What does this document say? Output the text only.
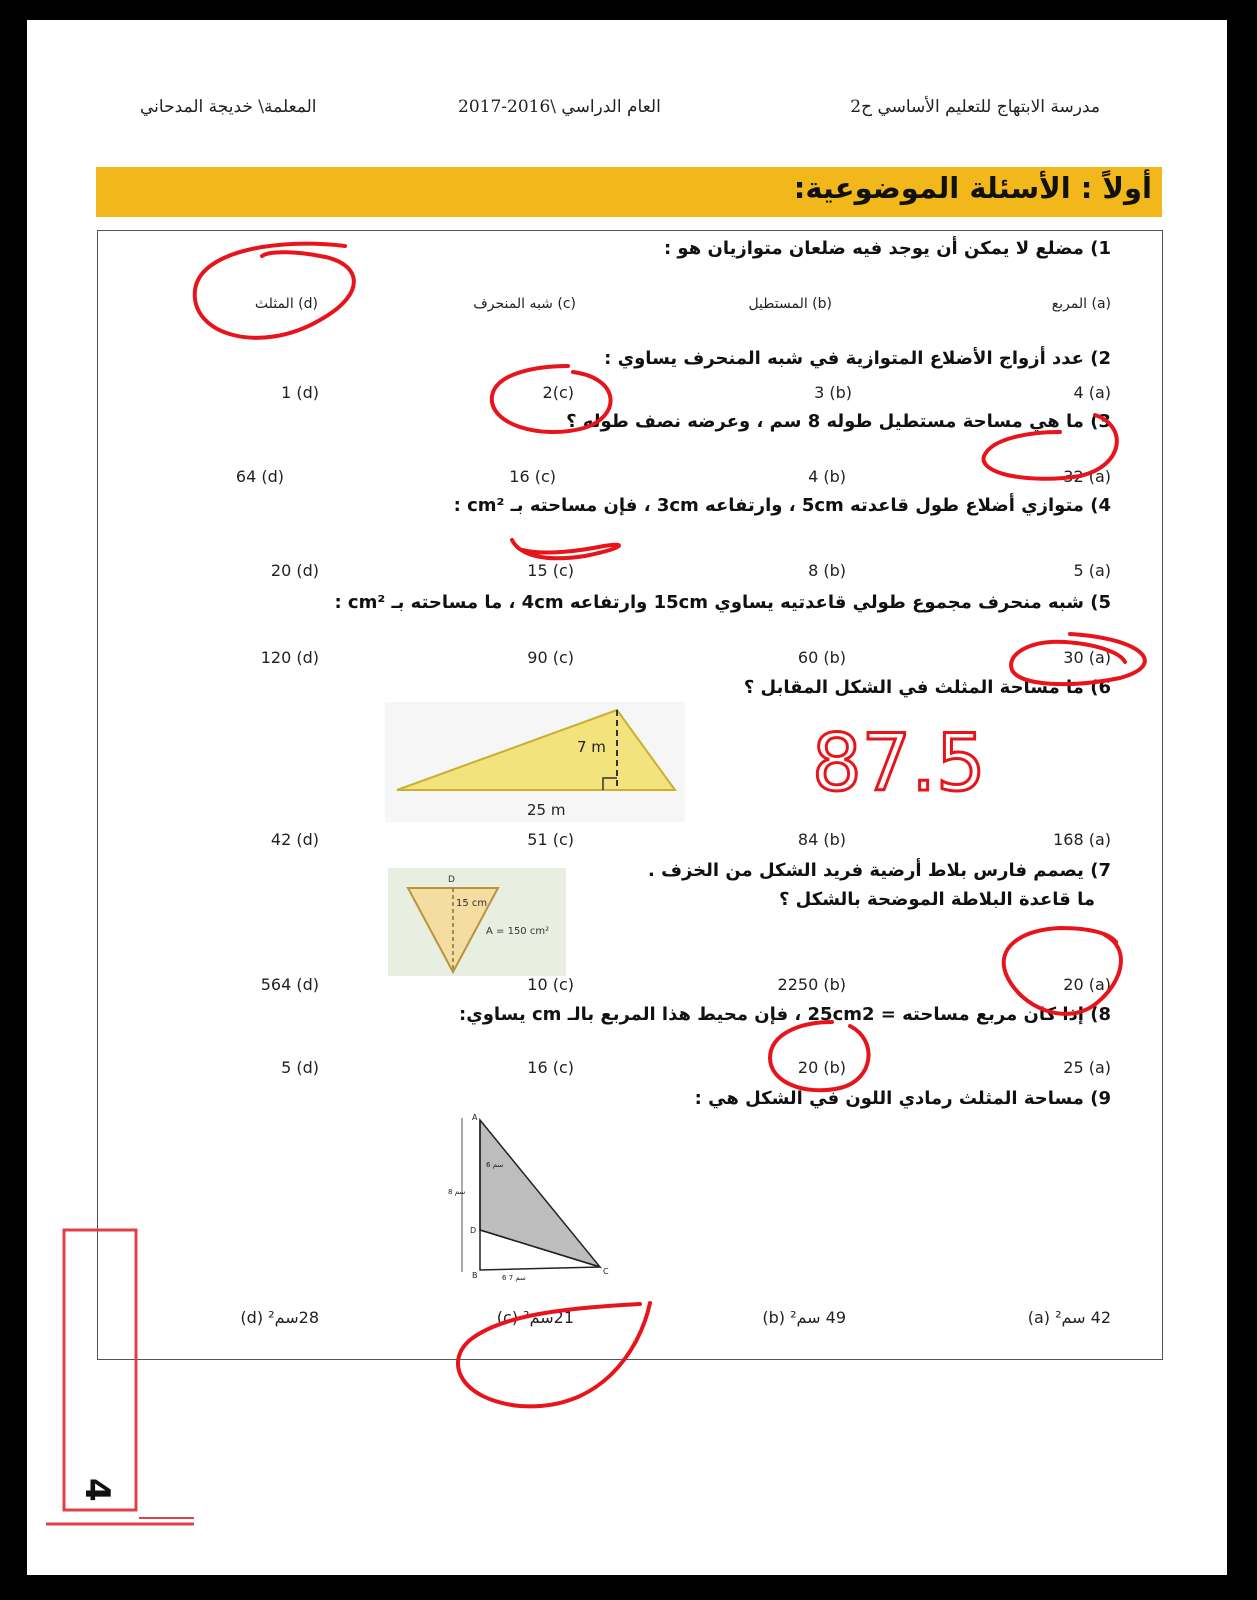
مدرسة الابتهاج للتعليم الأساسي ح2
العام الدراسي \2016-2017
المعلمة\ خديجة المدحاني
أولاً : الأسئلة الموضوعية:
1) مضلع لا يمكن أن يوجد فيه ضلعان متوازيان هو :
(a) المربع
(b) المستطيل
(c) شبه المنحرف
(d) المثلث
2) عدد أزواج الأضلاع المتوازية في شبه المنحرف يساوي :
4 (a)
3 (b)
2(c)
1 (d)
3) ما هي مساحة مستطيل طوله 8 سم ، وعرضه نصف طوله ؟
32 (a)
4 (b)
16 (c)
64 (d)
4) متوازي أضلاع طول قاعدته 5cm ، وارتفاعه 3cm ، فإن مساحته بـ cm² :
5 (a)
8 (b)
15 (c)
20 (d)
5) شبه منحرف مجموع طولي قاعدتيه يساوي 15cm وارتفاعه 4cm ، ما مساحته بـ cm² :
30 (a)
60 (b)
90 (c)
120 (d)
6) ما مساحة المثلث في الشكل المقابل ؟
7 m
25 m
168 (a)
84 (b)
51 (c)
42 (d)
7) يصمم فارس بلاط أرضية فريد الشكل من الخزف .
ما قاعدة البلاطة الموضحة بالشكل ؟
D
15 cm
A = 150 cm²
20 (a)
2250 (b)
10 (c)
564 (d)
8) إذا كان مربع مساحته = 25cm2 ، فإن محيط هذا المربع بالـ cm يساوي:
25 (a)
20 (b)
16 (c)
5 (d)
9) مساحة المثلث رمادي اللون في الشكل هي :
A
B	C
D
8 سم
6 سم
6 سم 7
42 سم² (a)
49 سم² (b)
21سم² (c)
28سم² (d)
87.5
4
